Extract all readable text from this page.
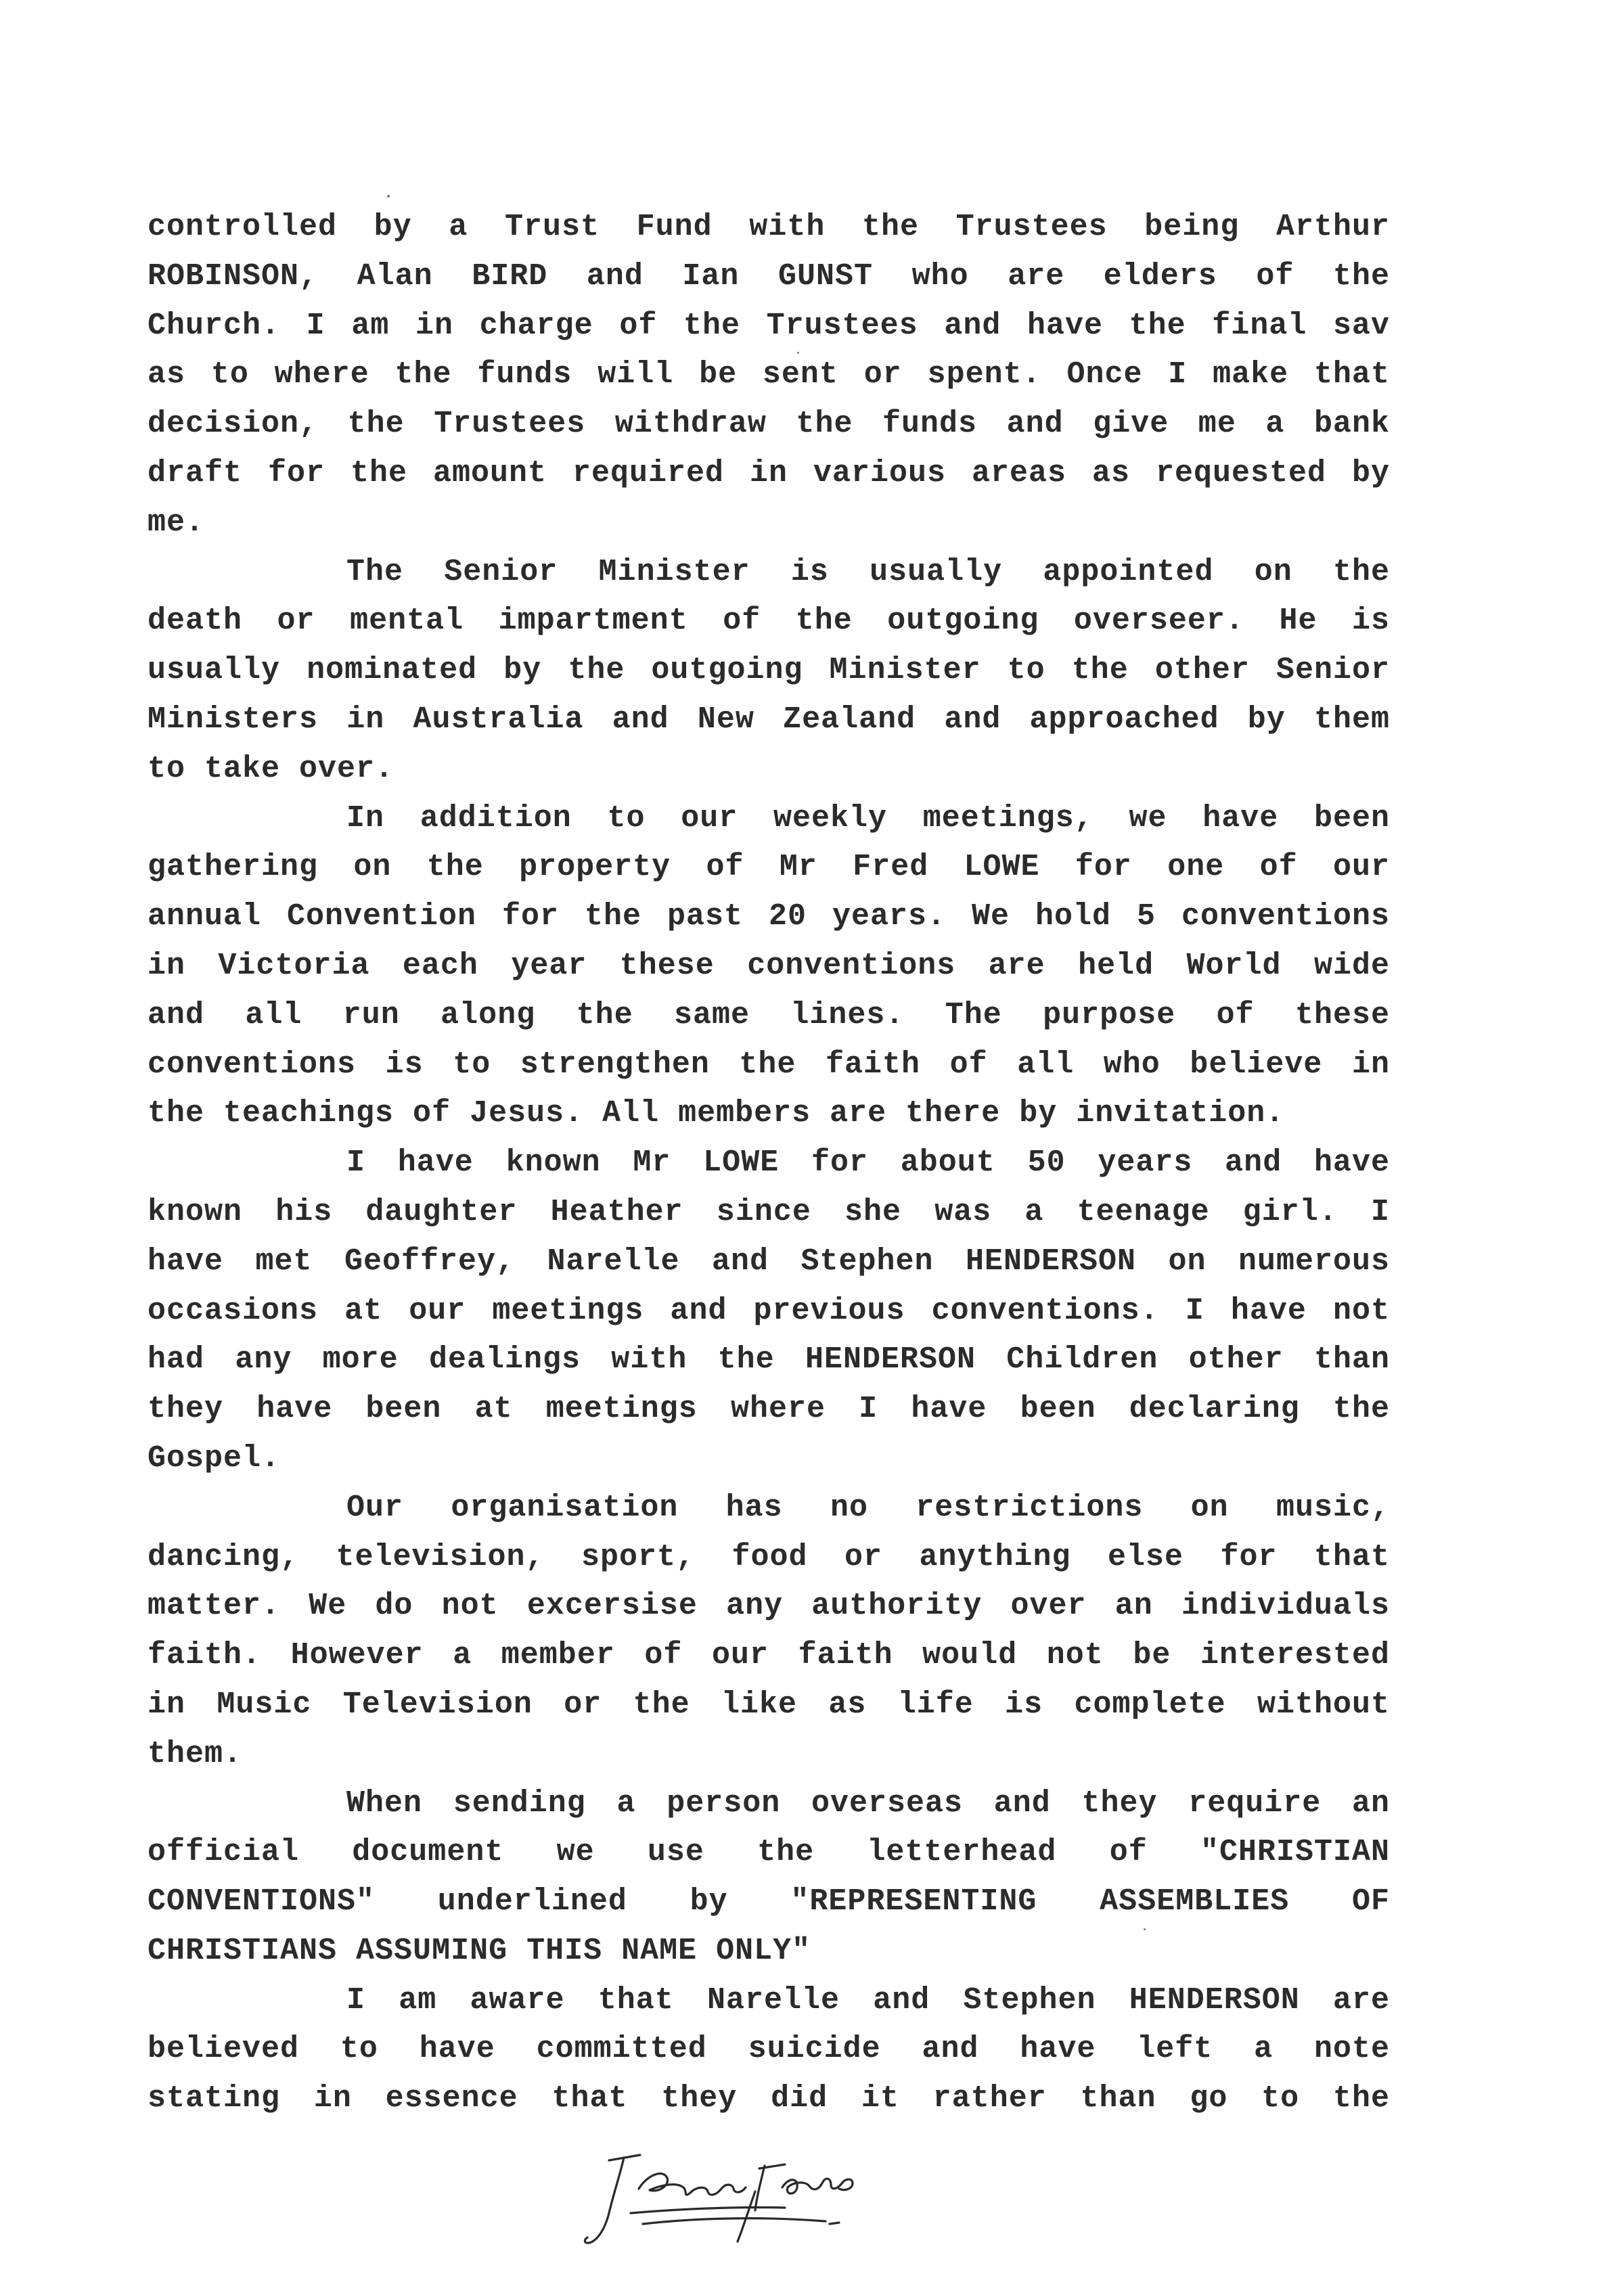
controlled by a Trust Fund with the Trustees being Arthur
ROBINSON, Alan BIRD and Ian GUNST who are elders of the
Church. I am in charge of the Trustees and have the final sav
as to where the funds will be sent or spent. Once I make that
decision, the Trustees withdraw the funds and give me a bank
draft for the amount required in various areas as requested by
me.
The Senior Minister is usually appointed on the
death or mental impartment of the outgoing overseer. He is
usually nominated by the outgoing Minister to the other Senior
Ministers in Australia and New Zealand and approached by them
to take over.
In addition to our weekly meetings, we have been
gathering on the property of Mr Fred LOWE for one of our
annual Convention for the past 20 years. We hold 5 conventions
in Victoria each year these conventions are held World wide
and all run along the same lines. The purpose of these
conventions is to strengthen the faith of all who believe in
the teachings of Jesus. All members are there by invitation.
I have known Mr LOWE for about 50 years and have
known his daughter Heather since she was a teenage girl. I
have met Geoffrey, Narelle and Stephen HENDERSON on numerous
occasions at our meetings and previous conventions. I have not
had any more dealings with the HENDERSON Children other than
they have been at meetings where I have been declaring the
Gospel.
Our organisation has no restrictions on music,
dancing, television, sport, food or anything else for that
matter. We do not excersise any authority over an individuals
faith. However a member of our faith would not be interested
in Music Television or the like as life is complete without
them.
When sending a person overseas and they require an
official document we use the letterhead of "CHRISTIAN
CONVENTIONS" underlined by "REPRESENTING ASSEMBLIES OF
CHRISTIANS ASSUMING THIS NAME ONLY"
I am aware that Narelle and Stephen HENDERSON are
believed to have committed suicide and have left a note
stating in essence that they did it rather than go to the
